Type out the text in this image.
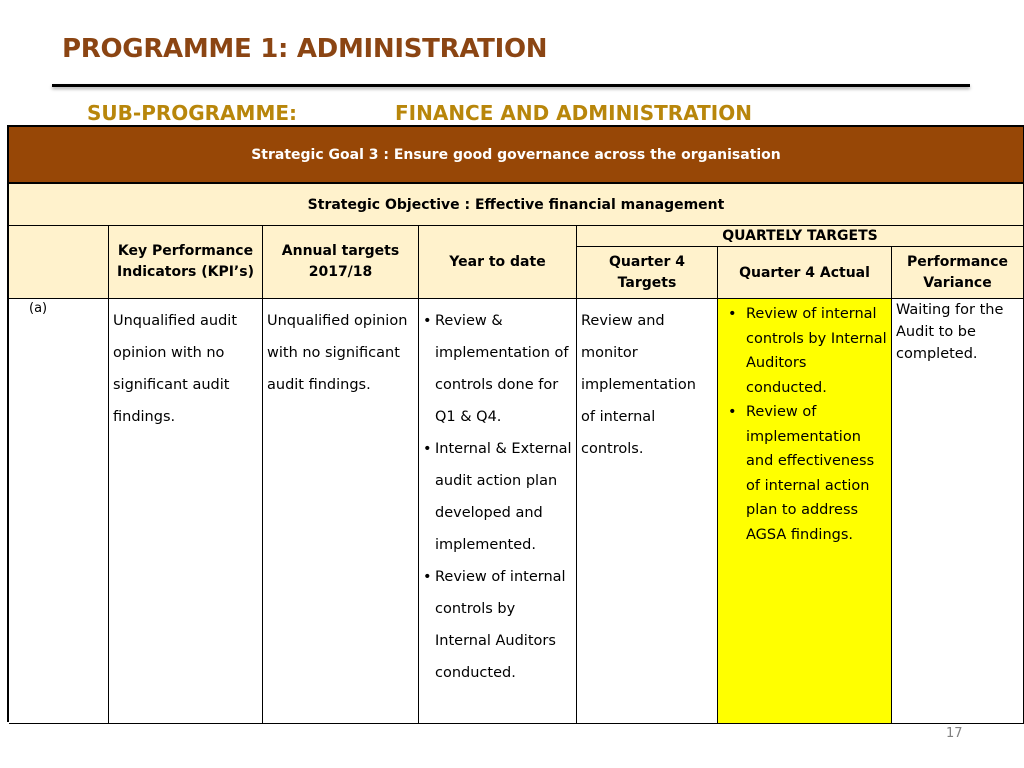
PROGRAMME 1: ADMINISTRATION
SUB-PROGRAMME:	FINANCE AND ADMINISTRATION
Strategic Goal 3 : Ensure good governance across the organisation
Strategic Objective : Effective financial management
Key Performance Indicators (KPI’s)
Annual targets 2017/18
Year to date
QUARTELY TARGETS
Quarter 4 Targets
Quarter 4 Actual
Performance Variance
(a)
Unqualified audit opinion with no significant audit findings.
Unqualified opinion with no significant audit findings.
• Review & implementation of controls done for Q1 & Q4.
• Internal & External audit action plan developed and implemented.
• Review of internal controls by Internal Auditors conducted.
Review and monitor implementation of internal controls.
• Review of internal controls by Internal Auditors conducted.
• Review of implementation and effectiveness of internal action plan to address AGSA findings.
Waiting for the Audit to be completed.
17
